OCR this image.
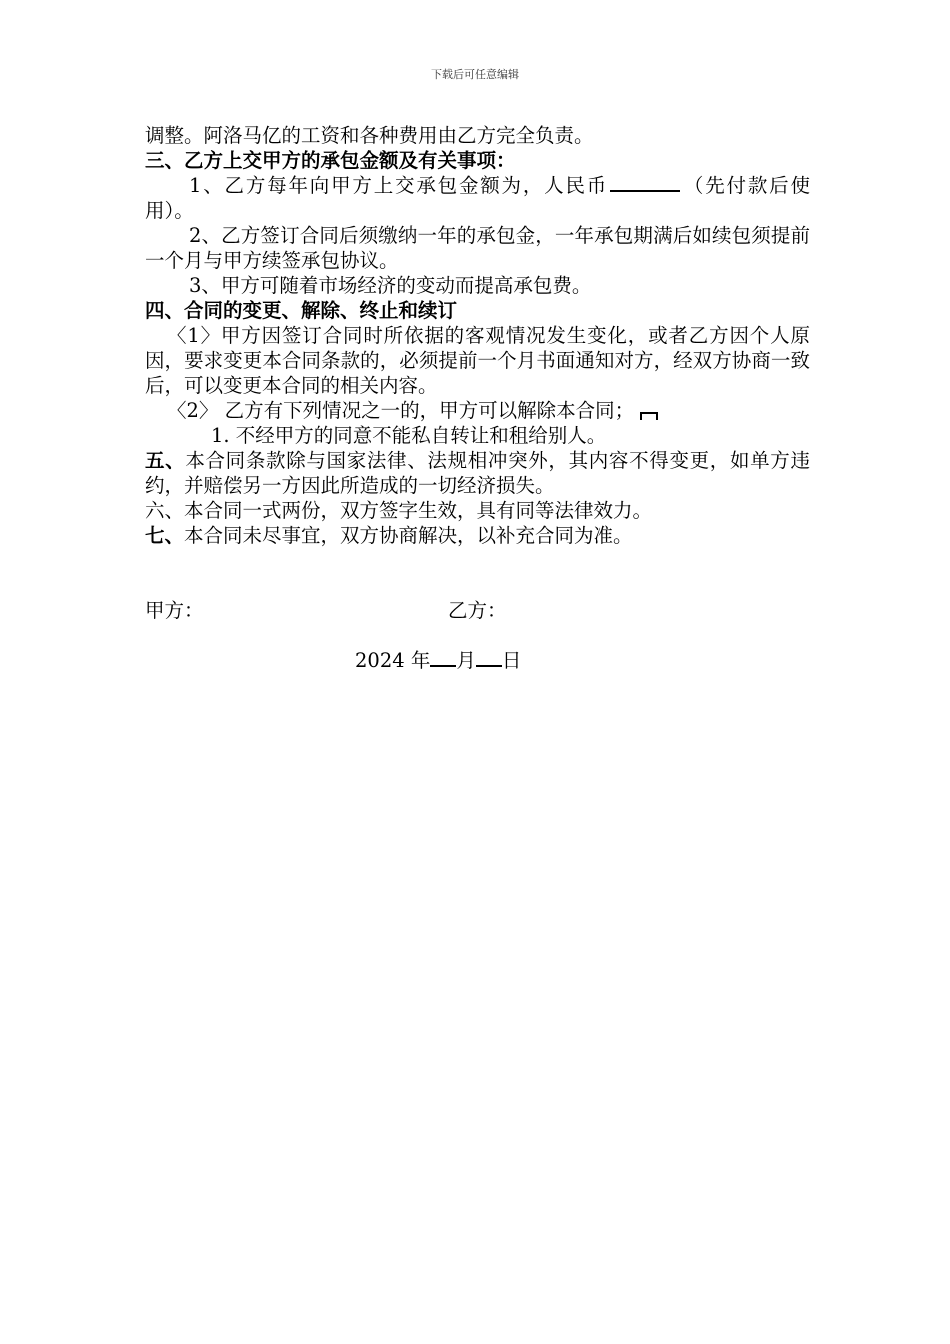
下载后可任意编辑
调整。阿洛马亿的工资和各种费用由乙方完全负责。
三、乙方上交甲方的承包金额及有关事项：
1、乙方每年向甲方上交承包金额为，人民币	（先付款后使用）。
2、乙方签订合同后须缴纳一年的承包金，一年承包期满后如续包须提前一个月与甲方续签承包协议。
3、甲方可随着市场经济的变动而提高承包费。
四、合同的变更、解除、终止和续订
〈1〉甲方因签订合同时所依据的客观情况发生变化，或者乙方因个人原因，要求变更本合同条款的，必须提前一个月书面通知对方，经双方协商一致后，可以变更本合同的相关内容。
〈2〉 乙方有下列情况之一的，甲方可以解除本合同；
1. 不经甲方的同意不能私自转让和租给别人。
五、本合同条款除与国家法律、法规相冲突外，其内容不得变更，如单方违约，并赔偿另一方因此所造成的一切经济损失。
六、本合同一式两份，双方签字生效，具有同等法律效力。
七、本合同未尽事宜，双方协商解决，以补充合同为准。
甲方：	乙方：
2024 年 月 日
